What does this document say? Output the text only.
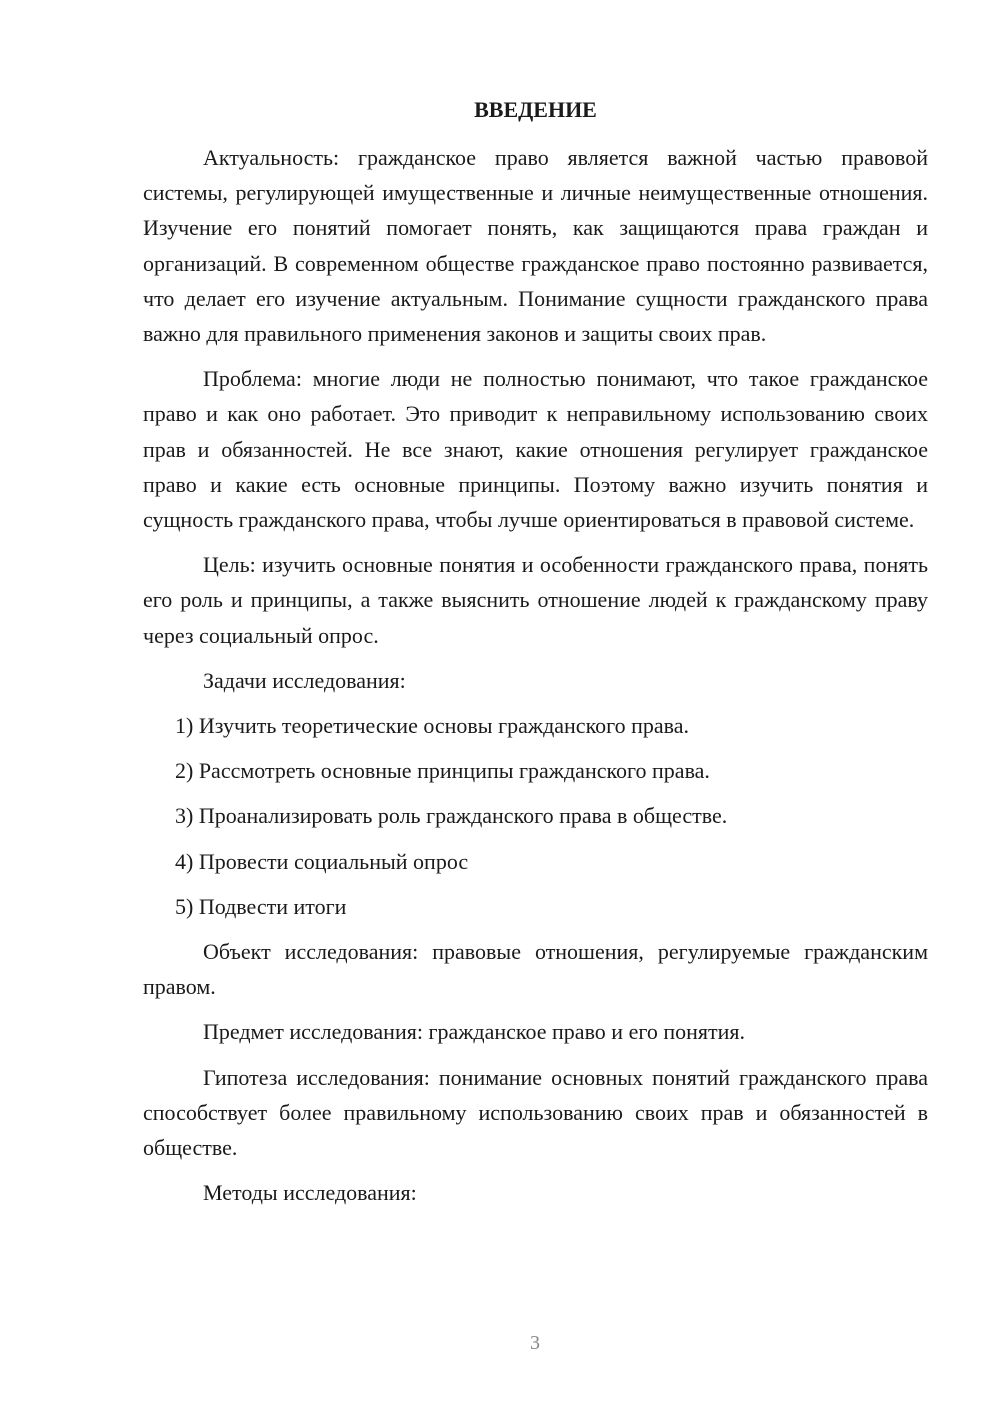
ВВЕДЕНИЕ

Актуальность: гражданское право является важной частью правовой системы, регулирующей имущественные и личные неимущественные отношения. Изучение его понятий помогает понять, как защищаются права граждан и организаций. В современном обществе гражданское право постоянно развивается, что делает его изучение актуальным. Понимание сущности гражданского права важно для правильного применения законов и защиты своих прав.

Проблема: многие люди не полностью понимают, что такое гражданское право и как оно работает. Это приводит к неправильному использованию своих прав и обязанностей. Не все знают, какие отношения регулирует гражданское право и какие есть основные принципы. Поэтому важно изучить понятия и сущность гражданского права, чтобы лучше ориентироваться в правовой системе.

Цель: изучить основные понятия и особенности гражданского права, понять его роль и принципы, а также выяснить отношение людей к гражданскому праву через социальный опрос.

Задачи исследования:

1) Изучить теоретические основы гражданского права.
2) Рассмотреть основные принципы гражданского права.
3) Проанализировать роль гражданского права в обществе.
4) Провести социальный опрос
5) Подвести итоги

Объект исследования: правовые отношения, регулируемые гражданским правом.

Предмет исследования: гражданское право и его понятия.

Гипотеза исследования: понимание основных понятий гражданского права способствует более правильному использованию своих прав и обязанностей в обществе.

Методы исследования:

3
